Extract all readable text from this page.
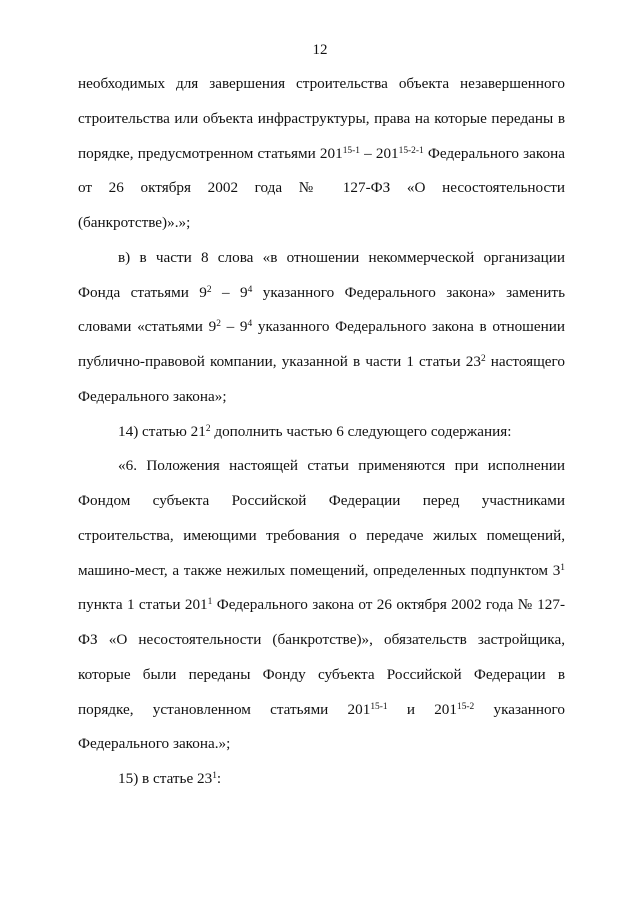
12

необходимых для завершения строительства объекта незавершенного строительства или объекта инфраструктуры, права на которые переданы в порядке, предусмотренном статьями 201$^{15-1}$ – 201$^{15-2-1}$ Федерального закона от 26 октября 2002 года № 127-ФЗ «О несостоятельности (банкротстве)».»;

в) в части 8 слова «в отношении некоммерческой организации Фонда статьями $9^2 - 9^4$ указанного Федерального закона» заменить словами «статьями $9^2 - 9^4$ указанного Федерального закона в отношении публично-правовой компании, указанной в части 1 статьи $23^2$ настоящего Федерального закона»;

14) статью $21^2$ дополнить частью 6 следующего содержания:

«6. Положения настоящей статьи применяются при исполнении Фондом субъекта Российской Федерации перед участниками строительства, имеющими требования о передаче жилых помещений, машино-мест, а также нежилых помещений, определенных подпунктом $3^1$ пункта 1 статьи $201^1$ Федерального закона от 26 октября 2002 года № 127-ФЗ «О несостоятельности (банкротстве)», обязательств застройщика, которые были переданы Фонду субъекта Российской Федерации в порядке, установленном статьями 201$^{15-1}$ и 201$^{15-2}$ указанного Федерального закона.»;

15) в статье $23^1$:
